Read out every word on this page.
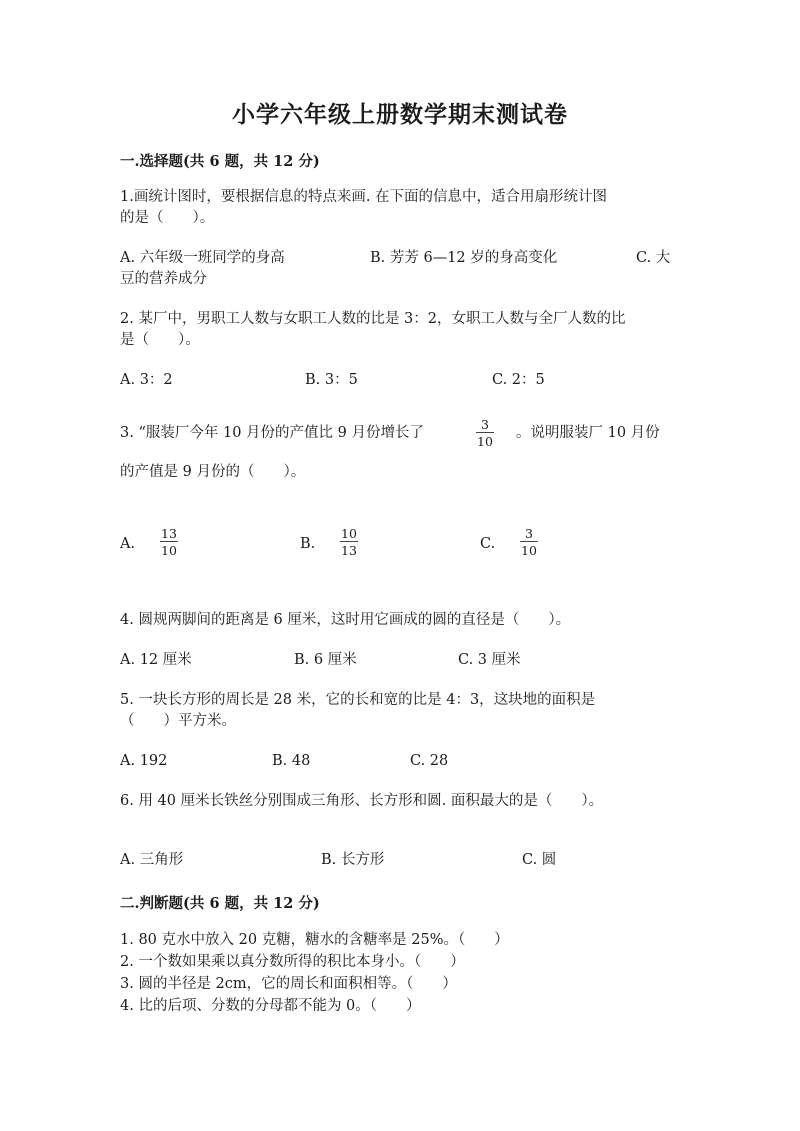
小学六年级上册数学期末测试卷
一.选择题(共 6 题，共 12 分)
1.画统计图时，要根据信息的特点来画. 在下面的信息中，适合用扇形统计图
的是（　　）。
A. 六年级一班同学的身高	B. 芳芳 6—12 岁的身高变化	C. 大
豆的营养成分
2. 某厂中，男职工人数与女职工人数的比是 3：2，女职工人数与全厂人数的比
是（　　）。
A. 3：2	B. 3：5	C. 2：5
3. “服装厂今年 10 月份的产值比 9 月份增长了
3
10
。说明服装厂 10 月份
的产值是 9 月份的（　　）。
A.
13
10	B.
10
13	C.
3
10
4. 圆规两脚间的距离是 6 厘米，这时用它画成的圆的直径是（　　）。
A. 12 厘米	B. 6 厘米	C. 3 厘米
5. 一块长方形的周长是 28 米，它的长和宽的比是 4：3，这块地的面积是
（　　）平方米。
A. 192	B. 48	C. 28
6. 用 40 厘米长铁丝分别围成三角形、长方形和圆. 面积最大的是（　　）。
A. 三角形	B. 长方形	C. 圆
二.判断题(共 6 题，共 12 分)
1. 80 克水中放入 20 克糖，糖水的含糖率是 25%。（　　）
2. 一个数如果乘以真分数所得的积比本身小。（　　）
3. 圆的半径是 2cm，它的周长和面积相等。（　　）
4. 比的后项、分数的分母都不能为 0。（　　）
